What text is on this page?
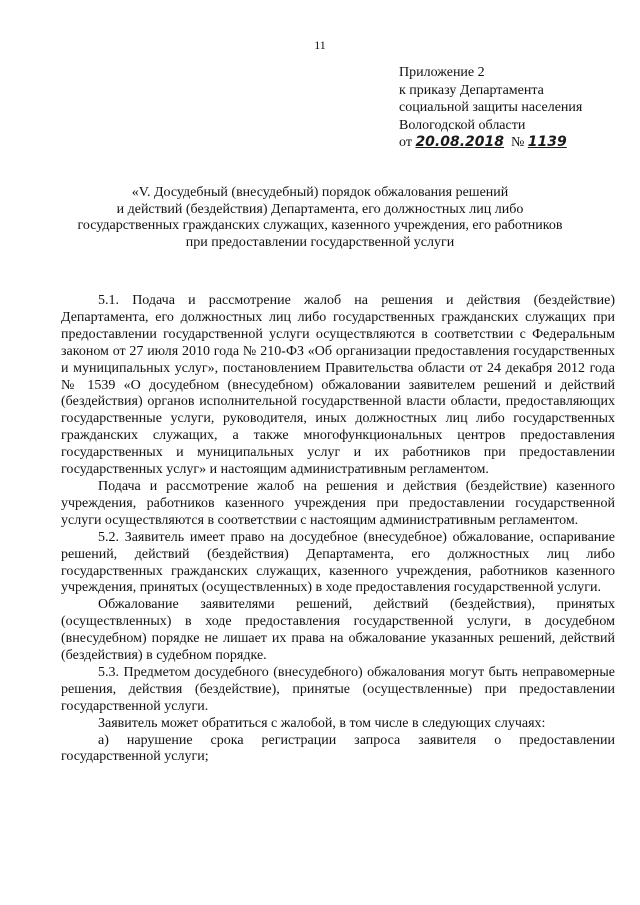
11
Приложение 2
к приказу Департамента
социальной защиты населения
Вологодской области
от 20.08.2018 № 1139
«V. Досудебный (внесудебный) порядок обжалования решений
и действий (бездействия) Департамента, его должностных лиц либо
государственных гражданских служащих, казенного учреждения, его работников
при предоставлении государственной услуги

5.1. Подача и рассмотрение жалоб на решения и действия (бездействие) Департамента, его должностных лиц либо государственных гражданских служащих при предоставлении государственной услуги осуществляются в соответствии с Федеральным законом от 27 июля 2010 года № 210-ФЗ «Об организации предоставления государственных и муниципальных услуг», постановлением Правительства области от 24 декабря 2012 года № 1539 «О досудебном (внесудебном) обжаловании заявителем решений и действий (бездействия) органов исполнительной государственной власти области, предоставляющих государственные услуги, руководителя, иных должностных лиц либо государственных гражданских служащих, а также многофункциональных центров предоставления государственных и муниципальных услуг и их работников при предоставлении государственных услуг» и настоящим административным регламентом.

Подача и рассмотрение жалоб на решения и действия (бездействие) казенного учреждения, работников казенного учреждения при предоставлении государственной услуги осуществляются в соответствии с настоящим административным регламентом.

5.2. Заявитель имеет право на досудебное (внесудебное) обжалование, оспаривание решений, действий (бездействия) Департамента, его должностных лиц либо государственных гражданских служащих, казенного учреждения, работников казенного учреждения, принятых (осуществленных) в ходе предоставления государственной услуги.

Обжалование заявителями решений, действий (бездействия), принятых (осуществленных) в ходе предоставления государственной услуги, в досудебном (внесудебном) порядке не лишает их права на обжалование указанных решений, действий (бездействия) в судебном порядке.

5.3. Предметом досудебного (внесудебного) обжалования могут быть неправомерные решения, действия (бездействие), принятые (осуществленные) при предоставлении государственной услуги.

Заявитель может обратиться с жалобой, в том числе в следующих случаях:

а) нарушение срока регистрации запроса заявителя о предоставлении государственной услуги;
